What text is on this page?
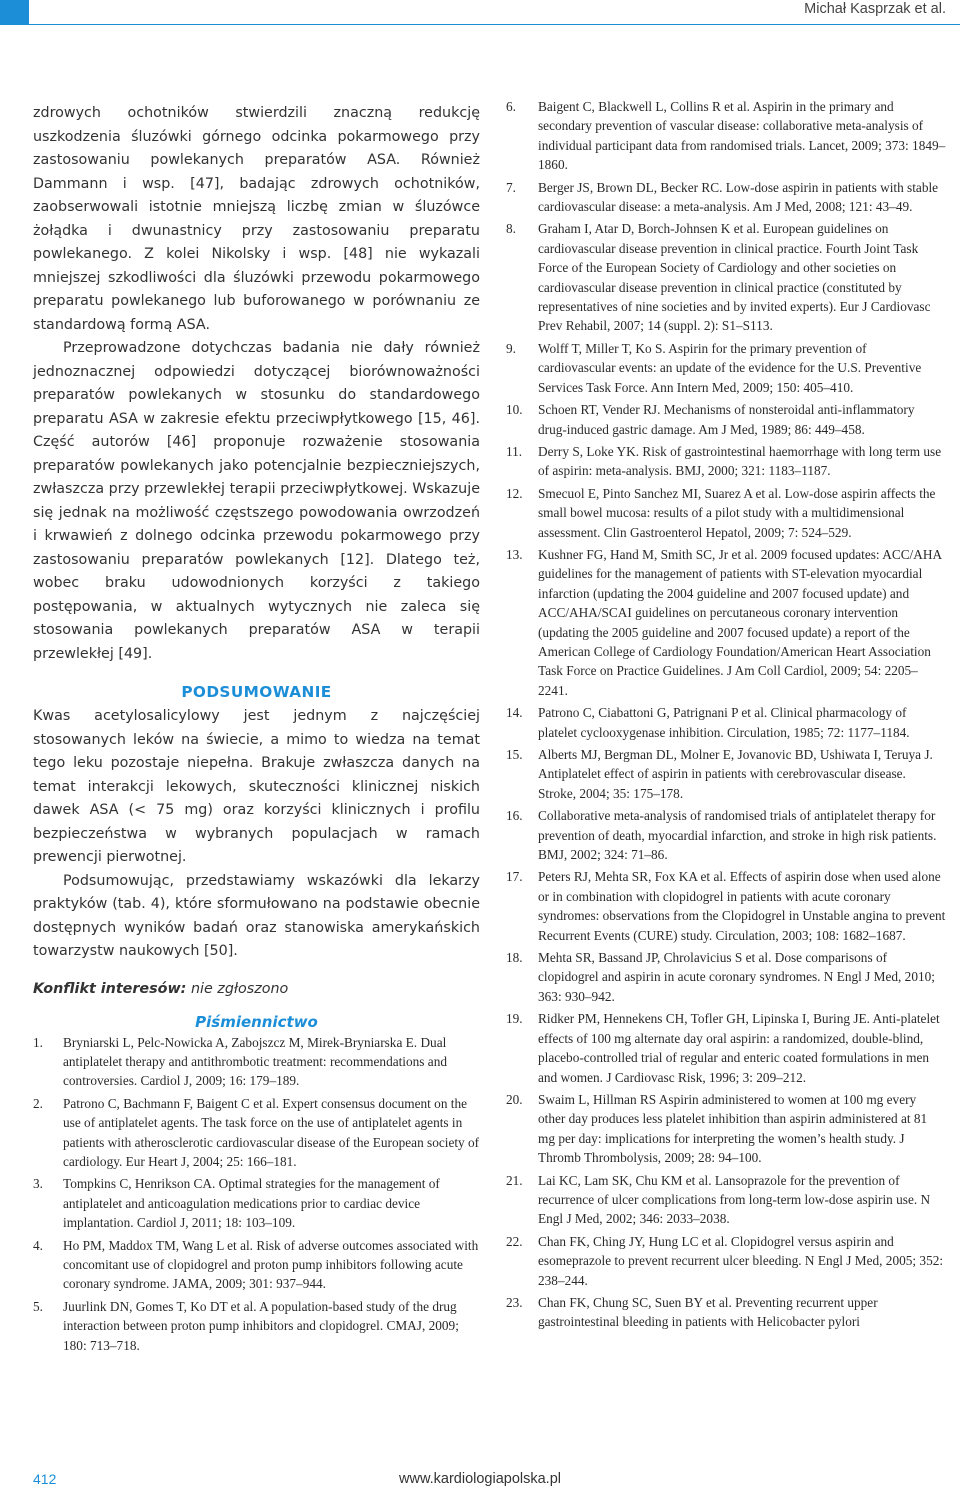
Michał Kasprzak et al.

zdrowych ochotników stwierdzili znaczną redukcję uszkodzenia śluzówki górnego odcinka pokarmowego przy zastosowaniu powlekanych preparatów ASA. Również Dammann i wsp. [47], badając zdrowych ochotników, zaobserwowali istotnie mniejszą liczbę zmian w śluzówce żołądka i dwunastnicy przy zastosowaniu preparatu powlekanego. Z kolei Nikolsky i wsp. [48] nie wykazali mniejszej szkodliwości dla śluzówki przewodu pokarmowego preparatu powlekanego lub buforowanego w porównaniu ze standardową formą ASA.

Przeprowadzone dotychczas badania nie dały również jednoznacznej odpowiedzi dotyczącej biorównoważności preparatów powlekanych w stosunku do standardowego preparatu ASA w zakresie efektu przeciwpłytkowego [15, 46]. Część autorów [46] proponuje rozważenie stosowania preparatów powlekanych jako potencjalnie bezpieczniejszych, zwłaszcza przy przewlekłej terapii przeciwpłytkowej. Wskazuje się jednak na możliwość częstszego powodowania owrzodzeń i krwawień z dolnego odcinka przewodu pokarmowego przy zastosowaniu preparatów powlekanych [12]. Dlatego też, wobec braku udowodnionych korzyści z takiego postępowania, w aktualnych wytycznych nie zaleca się stosowania powlekanych preparatów ASA w terapii przewlekłej [49].

PODSUMOWANIE

Kwas acetylosalicylowy jest jednym z najczęściej stosowanych leków na świecie, a mimo to wiedza na temat tego leku pozostaje niepełna. Brakuje zwłaszcza danych na temat interakcji lekowych, skuteczności klinicznej niskich dawek ASA (< 75 mg) oraz korzyści klinicznych i profilu bezpieczeństwa w wybranych populacjach w ramach prewencji pierwotnej.

Podsumowując, przedstawiamy wskazówki dla lekarzy praktyków (tab. 4), które sformułowano na podstawie obecnie dostępnych wyników badań oraz stanowiska amerykańskich towarzystw naukowych [50].

Konflikt interesów: nie zgłoszono
Piśmiennictwo
1.	Bryniarski L, Pelc-Nowicka A, Zabojszcz M, Mirek-Bryniarska E. Dual antiplatelet therapy and antithrombotic treatment: recommendations and controversies. Cardiol J, 2009; 16: 179–189.
2.	Patrono C, Bachmann F, Baigent C et al. Expert consensus document on the use of antiplatelet agents. The task force on the use of antiplatelet agents in patients with atherosclerotic cardiovascular disease of the European society of cardiology. Eur Heart J, 2004; 25: 166–181.
3.	Tompkins C, Henrikson CA. Optimal strategies for the management of antiplatelet and anticoagulation medications prior to cardiac device implantation. Cardiol J, 2011; 18: 103–109.
4.	Ho PM, Maddox TM, Wang L et al. Risk of adverse outcomes associated with concomitant use of clopidogrel and proton pump inhibitors following acute coronary syndrome. JAMA, 2009; 301: 937–944.
5.	Juurlink DN, Gomes T, Ko DT et al. A population-based study of the drug interaction between proton pump inhibitors and clopidogrel. CMAJ, 2009; 180: 713–718.
6.	Baigent C, Blackwell L, Collins R et al. Aspirin in the primary and secondary prevention of vascular disease: collaborative meta-analysis of individual participant data from randomised trials. Lancet, 2009; 373: 1849–1860.
7.	Berger JS, Brown DL, Becker RC. Low-dose aspirin in patients with stable cardiovascular disease: a meta-analysis. Am J Med, 2008; 121: 43–49.
8.	Graham I, Atar D, Borch-Johnsen K et al. European guidelines on cardiovascular disease prevention in clinical practice. Fourth Joint Task Force of the European Society of Cardiology and other societies on cardiovascular disease prevention in clinical practice (constituted by representatives of nine societies and by invited experts). Eur J Cardiovasc Prev Rehabil, 2007; 14 (suppl. 2): S1–S113.
9.	Wolff T, Miller T, Ko S. Aspirin for the primary prevention of cardiovascular events: an update of the evidence for the U.S. Preventive Services Task Force. Ann Intern Med, 2009; 150: 405–410.
10.	Schoen RT, Vender RJ. Mechanisms of nonsteroidal anti-inflammatory drug-induced gastric damage. Am J Med, 1989; 86: 449–458.
11.	Derry S, Loke YK. Risk of gastrointestinal haemorrhage with long term use of aspirin: meta-analysis. BMJ, 2000; 321: 1183–1187.
12.	Smecuol E, Pinto Sanchez MI, Suarez A et al. Low-dose aspirin affects the small bowel mucosa: results of a pilot study with a multidimensional assessment. Clin Gastroenterol Hepatol, 2009; 7: 524–529.
13.	Kushner FG, Hand M, Smith SC, Jr et al. 2009 focused updates: ACC/AHA guidelines for the management of patients with ST-elevation myocardial infarction (updating the 2004 guideline and 2007 focused update) and ACC/AHA/SCAI guidelines on percutaneous coronary intervention (updating the 2005 guideline and 2007 focused update) a report of the American College of Cardiology Foundation/American Heart Association Task Force on Practice Guidelines. J Am Coll Cardiol, 2009; 54: 2205–2241.
14.	Patrono C, Ciabattoni G, Patrignani P et al. Clinical pharmacology of platelet cyclooxygenase inhibition. Circulation, 1985; 72: 1177–1184.
15.	Alberts MJ, Bergman DL, Molner E, Jovanovic BD, Ushiwata I, Teruya J. Antiplatelet effect of aspirin in patients with cerebrovascular disease. Stroke, 2004; 35: 175–178.
16.	Collaborative meta-analysis of randomised trials of antiplatelet therapy for prevention of death, myocardial infarction, and stroke in high risk patients. BMJ, 2002; 324: 71–86.
17.	Peters RJ, Mehta SR, Fox KA et al. Effects of aspirin dose when used alone or in combination with clopidogrel in patients with acute coronary syndromes: observations from the Clopidogrel in Unstable angina to prevent Recurrent Events (CURE) study. Circulation, 2003; 108: 1682–1687.
18.	Mehta SR, Bassand JP, Chrolavicius S et al. Dose comparisons of clopidogrel and aspirin in acute coronary syndromes. N Engl J Med, 2010; 363: 930–942.
19.	Ridker PM, Hennekens CH, Tofler GH, Lipinska I, Buring JE. Anti-platelet effects of 100 mg alternate day oral aspirin: a randomized, double-blind, placebo-controlled trial of regular and enteric coated formulations in men and women. J Cardiovasc Risk, 1996; 3: 209–212.
20.	Swaim L, Hillman RS Aspirin administered to women at 100 mg every other day produces less platelet inhibition than aspirin administered at 81 mg per day: implications for interpreting the women’s health study. J Thromb Thrombolysis, 2009; 28: 94–100.
21.	Lai KC, Lam SK, Chu KM et al. Lansoprazole for the prevention of recurrence of ulcer complications from long-term low-dose aspirin use. N Engl J Med, 2002; 346: 2033–2038.
22.	Chan FK, Ching JY, Hung LC et al. Clopidogrel versus aspirin and esomeprazole to prevent recurrent ulcer bleeding. N Engl J Med, 2005; 352: 238–244.
23.	Chan FK, Chung SC, Suen BY et al. Preventing recurrent upper gastrointestinal bleeding in patients with Helicobacter pylori
412	www.kardiologiapolska.pl
